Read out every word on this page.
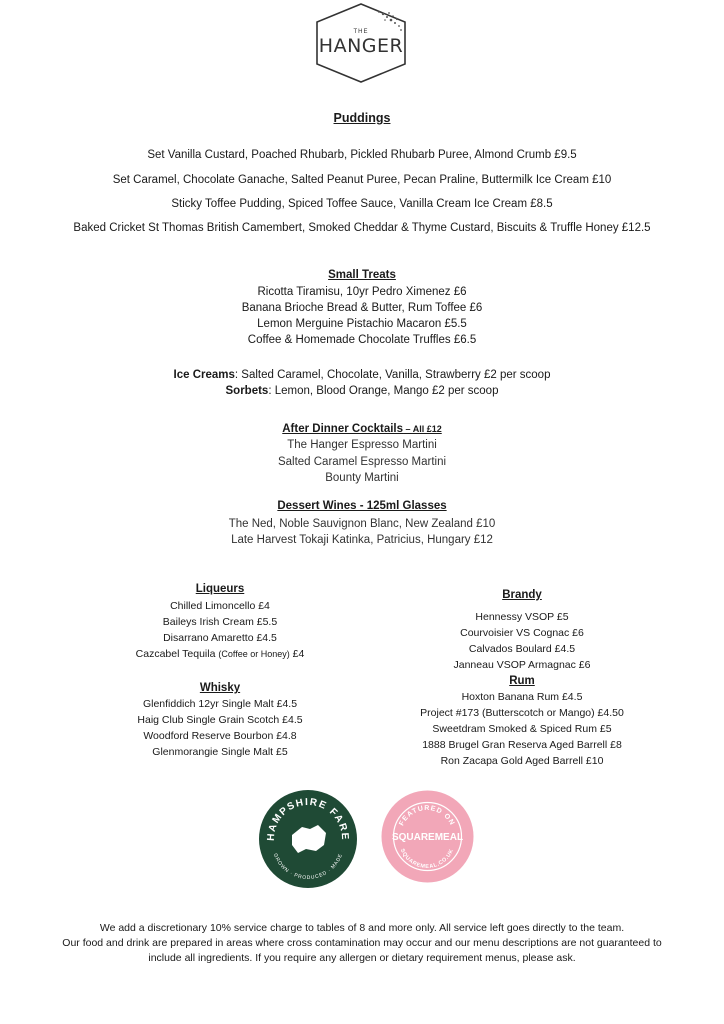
THE
HANGER
Puddings
Set Vanilla Custard, Poached Rhubarb, Pickled Rhubarb Puree, Almond Crumb £9.5
Set Caramel, Chocolate Ganache, Salted Peanut Puree, Pecan Praline, Buttermilk Ice Cream £10
Sticky Toffee Pudding, Spiced Toffee Sauce, Vanilla Cream Ice Cream £8.5
Baked Cricket St Thomas British Camembert, Smoked Cheddar & Thyme Custard, Biscuits & Truffle Honey £12.5
Small Treats
Ricotta Tiramisu, 10yr Pedro Ximenez £6
Banana Brioche Bread & Butter, Rum Toffee £6
Lemon Merguine Pistachio Macaron £5.5
Coffee & Homemade Chocolate Truffles £6.5
Ice Creams: Salted Caramel, Chocolate, Vanilla, Strawberry £2 per scoop
Sorbets: Lemon, Blood Orange, Mango £2 per scoop
After Dinner Cocktails – All £12
The Hanger Espresso Martini
Salted Caramel Espresso Martini
Bounty Martini
Dessert Wines - 125ml Glasses
The Ned, Noble Sauvignon Blanc, New Zealand £10
Late Harvest Tokaji Katinka, Patricius, Hungary £12
Liqueurs
Chilled Limoncello £4
Baileys Irish Cream £5.5
Disarrano Amaretto £4.5
Cazcabel Tequila (Coffee or Honey) £4
Whisky
Glenfiddich 12yr Single Malt £4.5
Haig Club Single Grain Scotch £4.5
Woodford Reserve Bourbon £4.8
Glenmorangie Single Malt £5
Brandy
Hennessy VSOP £5
Courvoisier VS Cognac £6
Calvados Boulard £4.5
Janneau VSOP Armagnac £6
Rum
Hoxton Banana Rum £4.5
Project #173 (Butterscotch or Mango) £4.50
Sweetdram Smoked & Spiced Rum £5
1888 Brugel Gran Reserva Aged Barrell £8
Ron Zacapa Gold Aged Barrell £10
HAMPSHIRE FARE
GROWN · PRODUCED · MADE
FEATURED ON
SQUAREMEAL
SQUAREMEAL.CO.UK
We add a discretionary 10% service charge to tables of 8 and more only. All service left goes directly to the team.
Our food and drink are prepared in areas where cross contamination may occur and our menu descriptions are not guaranteed to
include all ingredients. If you require any allergen or dietary requirement menus, please ask.
